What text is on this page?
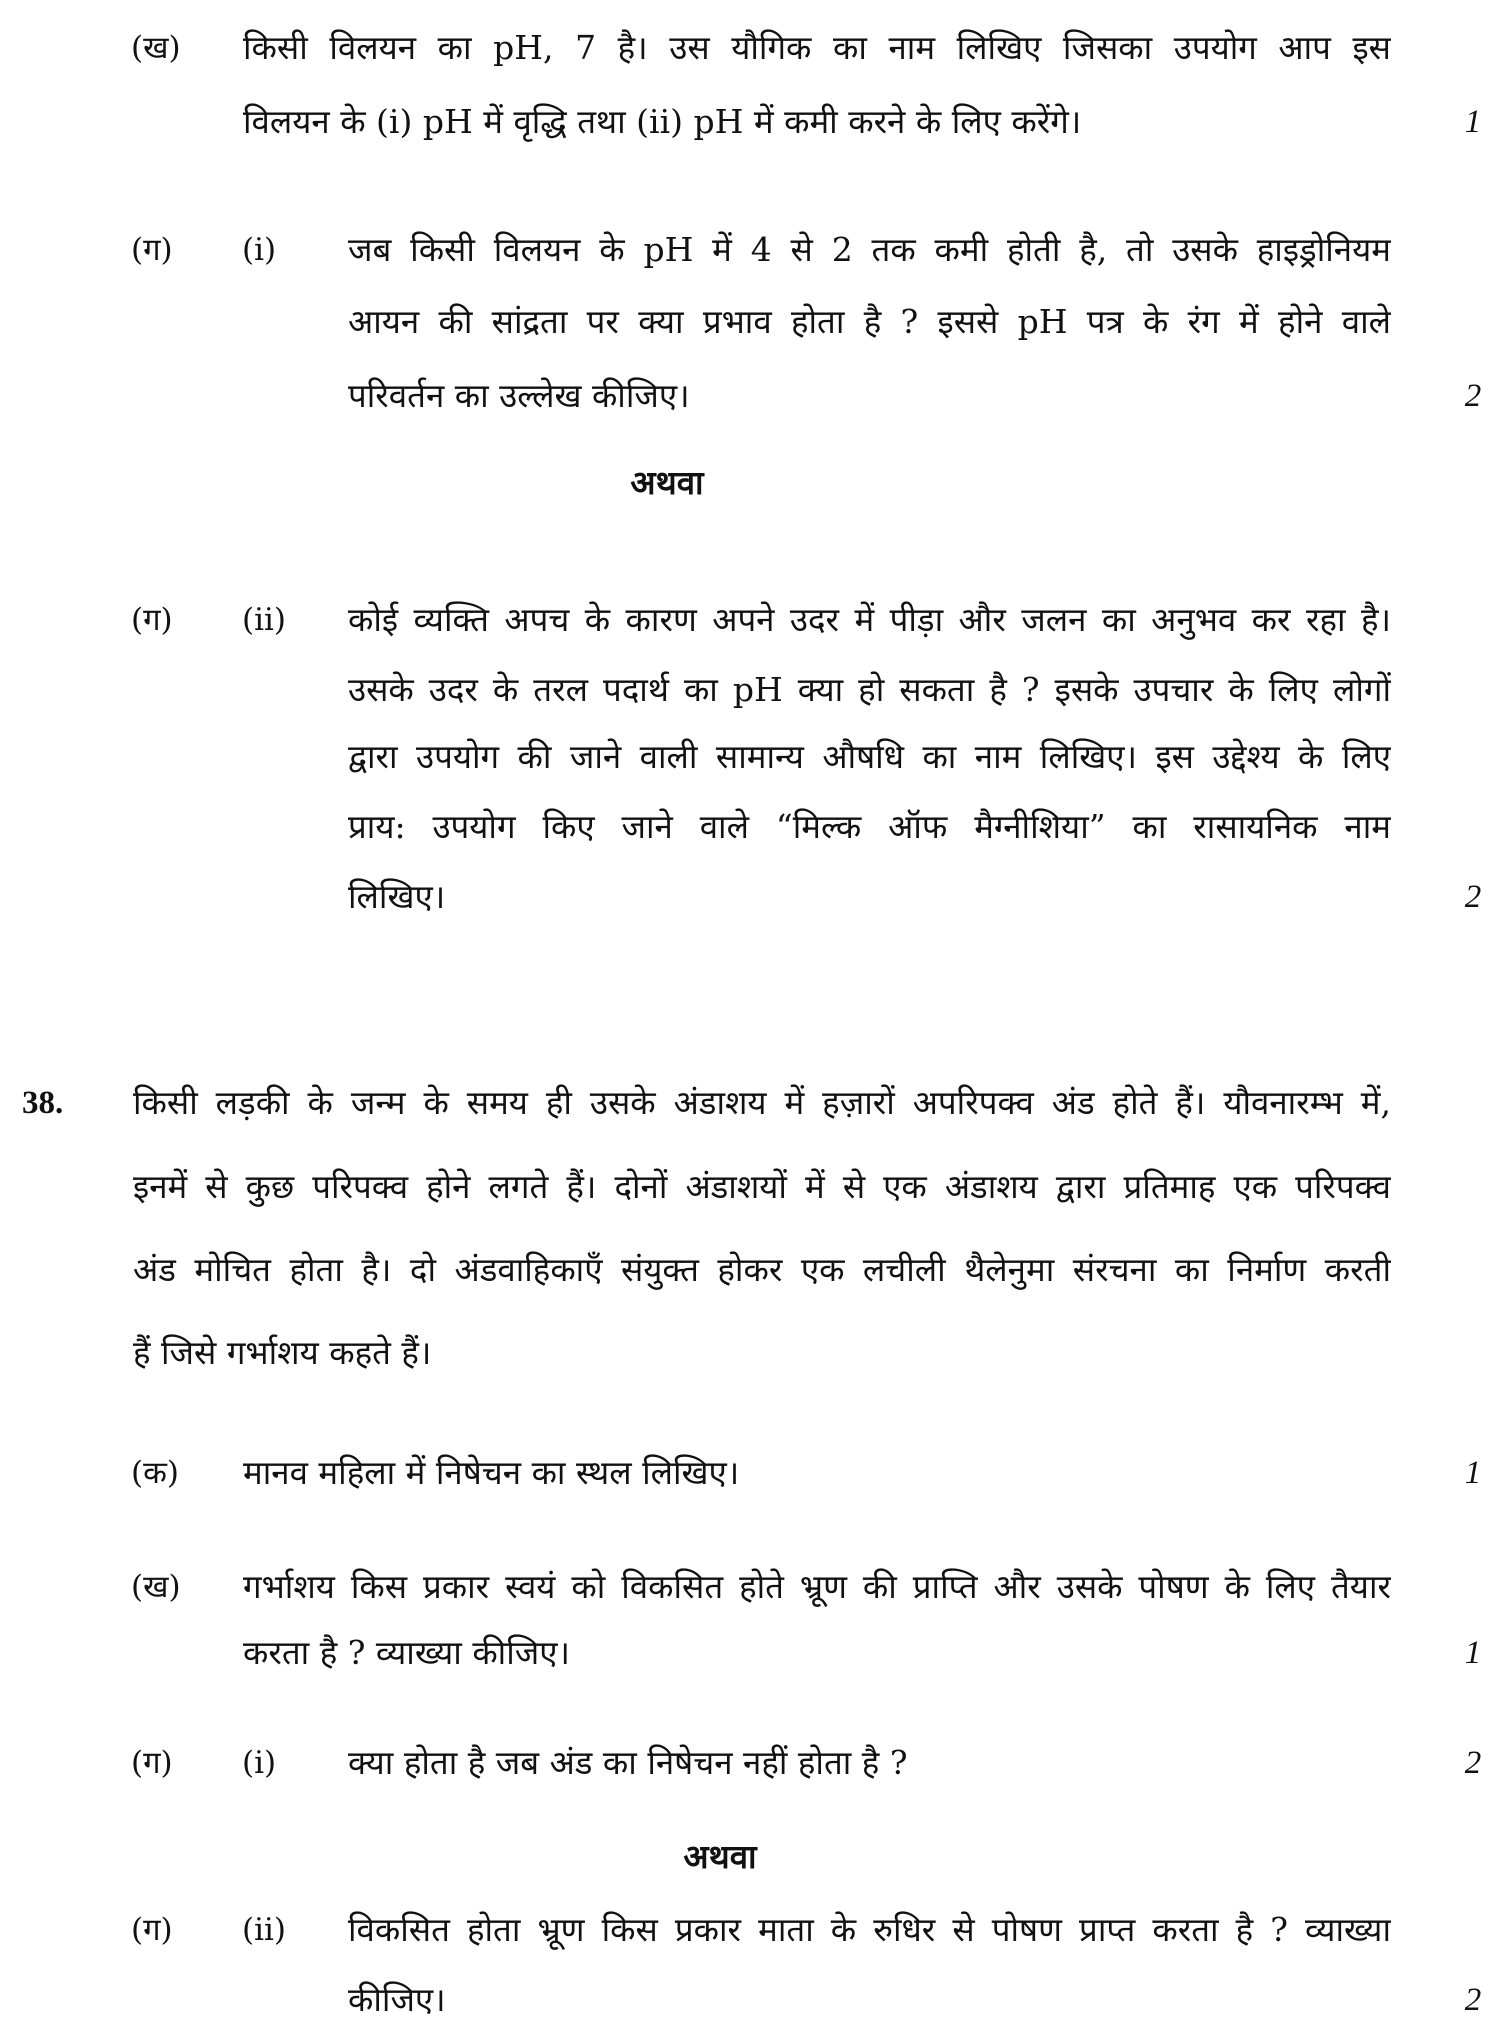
(ख) किसी विलयन का pH, 7 है। उस यौगिक का नाम लिखिए जिसका उपयोग आप इस
विलयन के (i) pH में वृद्धि तथा (ii) pH में कमी करने के लिए करेंगे।	1
(ग) (i) जब किसी विलयन के pH में 4 से 2 तक कमी होती है, तो उसके हाइड्रोनियम
आयन की सांद्रता पर क्या प्रभाव होता है ? इससे pH पत्र के रंग में होने वाले
परिवर्तन का उल्लेख कीजिए।	2
अथवा
(ग) (ii) कोई व्यक्ति अपच के कारण अपने उदर में पीड़ा और जलन का अनुभव कर रहा है।
उसके उदर के तरल पदार्थ का pH क्या हो सकता है ? इसके उपचार के लिए लोगों
द्वारा उपयोग की जाने वाली सामान्य औषधि का नाम लिखिए। इस उद्देश्य के लिए
प्राय: उपयोग किए जाने वाले “मिल्क ऑफ मैग्नीशिया” का रासायनिक नाम
लिखिए।	2
38. किसी लड़की के जन्म के समय ही उसके अंडाशय में हज़ारों अपरिपक्व अंड होते हैं। यौवनारम्भ में,
इनमें से कुछ परिपक्व होने लगते हैं। दोनों अंडाशयों में से एक अंडाशय द्वारा प्रतिमाह एक परिपक्व
अंड मोचित होता है। दो अंडवाहिकाएँ संयुक्त होकर एक लचीली थैलेनुमा संरचना का निर्माण करती
हैं जिसे गर्भाशय कहते हैं।
(क) मानव महिला में निषेचन का स्थल लिखिए।	1
(ख) गर्भाशय किस प्रकार स्वयं को विकसित होते भ्रूण की प्राप्ति और उसके पोषण के लिए तैयार
करता है ? व्याख्या कीजिए।	1
(ग) (i) क्या होता है जब अंड का निषेचन नहीं होता है ?	2
अथवा
(ग) (ii) विकसित होता भ्रूण किस प्रकार माता के रुधिर से पोषण प्राप्त करता है ? व्याख्या
कीजिए।	2
